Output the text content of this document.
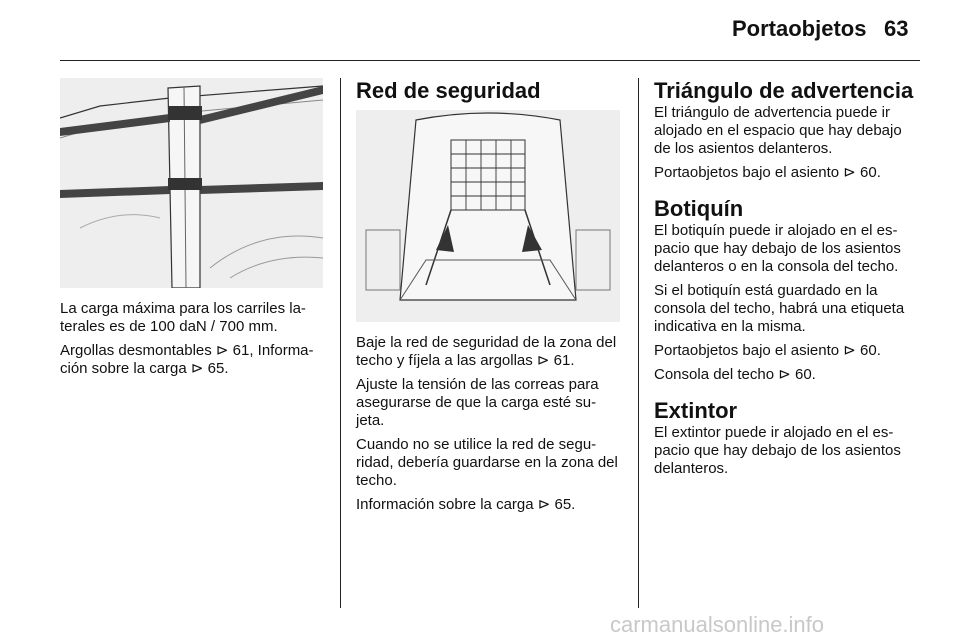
Portaobjetos 63

La carga máxima para los carriles la-terales es de 100 daN / 700 mm.

Argollas desmontables ⊳ 61, Informa-ción sobre la carga ⊳ 65.

Red de seguridad

Baje la red de seguridad de la zona del techo y fíjela a las argollas ⊳ 61.

Ajuste la tensión de las correas para asegurarse de que la carga esté su-jeta.

Cuando no se utilice la red de segu-ridad, debería guardarse en la zona del techo.

Información sobre la carga ⊳ 65.

Triángulo de advertencia

El triángulo de advertencia puede ir alojado en el espacio que hay debajo de los asientos delanteros.

Portaobjetos bajo el asiento ⊳ 60.

Botiquín

El botiquín puede ir alojado en el es-pacio que hay debajo de los asientos delanteros o en la consola del techo.

Si el botiquín está guardado en la consola del techo, habrá una etiqueta indicativa en la misma.

Portaobjetos bajo el asiento ⊳ 60.

Consola del techo ⊳ 60.

Extintor

El extintor puede ir alojado en el es-pacio que hay debajo de los asientos delanteros.

carmanualsonline.info
